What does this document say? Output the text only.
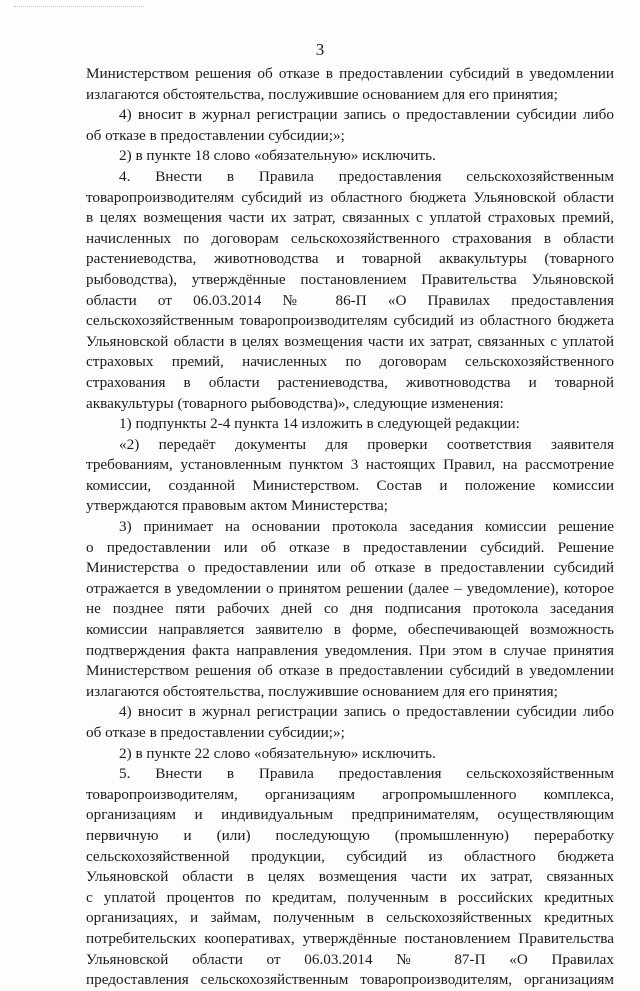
3
Министерством решения об отказе в предоставлении субсидий в уведомлении
излагаются обстоятельства, послужившие основанием для его принятия;
4) вносит в журнал регистрации запись о предоставлении субсидии либо
об отказе в предоставлении субсидии;»;
2) в пункте 18 слово «обязательную» исключить.
4. Внести в Правила предоставления сельскохозяйственным
товаропроизводителям субсидий из областного бюджета Ульяновской области
в целях возмещения части их затрат, связанных с уплатой страховых премий,
начисленных по договорам сельскохозяйственного страхования в области
растениеводства, животноводства и товарной аквакультуры (товарного
рыбоводства), утверждённые постановлением Правительства Ульяновской
области от 06.03.2014 № 86-П «О Правилах предоставления
сельскохозяйственным товаропроизводителям субсидий из областного бюджета
Ульяновской области в целях возмещения части их затрат, связанных с уплатой
страховых премий, начисленных по договорам сельскохозяйственного
страхования в области растениеводства, животноводства и товарной
аквакультуры (товарного рыбоводства)», следующие изменения:
1) подпункты 2-4 пункта 14 изложить в следующей редакции:
«2) передаёт документы для проверки соответствия заявителя
требованиям, установленным пунктом 3 настоящих Правил, на рассмотрение
комиссии, созданной Министерством. Состав и положение комиссии
утверждаются правовым актом Министерства;
3) принимает на основании протокола заседания комиссии решение
о предоставлении или об отказе в предоставлении субсидий. Решение
Министерства о предоставлении или об отказе в предоставлении субсидий
отражается в уведомлении о принятом решении (далее – уведомление), которое
не позднее пяти рабочих дней со дня подписания протокола заседания
комиссии направляется заявителю в форме, обеспечивающей возможность
подтверждения факта направления уведомления. При этом в случае принятия
Министерством решения об отказе в предоставлении субсидий в уведомлении
излагаются обстоятельства, послужившие основанием для его принятия;
4) вносит в журнал регистрации запись о предоставлении субсидии либо
об отказе в предоставлении субсидии;»;
2) в пункте 22 слово «обязательную» исключить.
5. Внести в Правила предоставления сельскохозяйственным
товаропроизводителям, организациям агропромышленного комплекса,
организациям и индивидуальным предпринимателям, осуществляющим
первичную и (или) последующую (промышленную) переработку
сельскохозяйственной продукции, субсидий из областного бюджета
Ульяновской области в целях возмещения части их затрат, связанных
с уплатой процентов по кредитам, полученным в российских кредитных
организациях, и займам, полученным в сельскохозяйственных кредитных
потребительских кооперативах, утверждённые постановлением Правительства
Ульяновской области от 06.03.2014 № 87-П «О Правилах
предоставления сельскохозяйственным товаропроизводителям, организациям
